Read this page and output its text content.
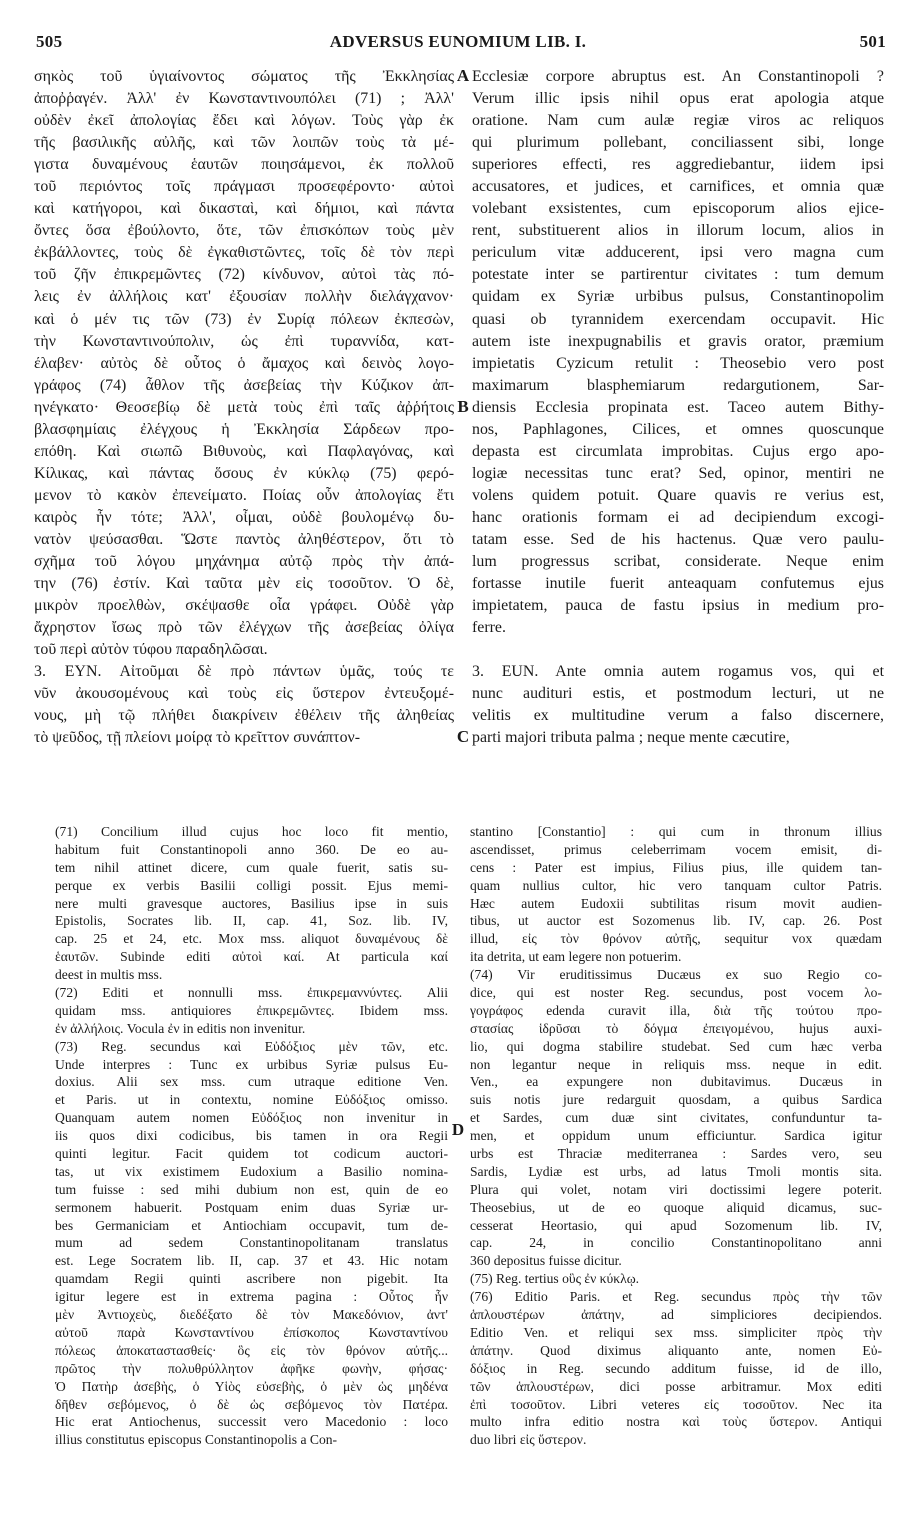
505	ADVERSUS EUNOMIUM LIB. I.	501
A
B
C
D
σηκὸς τοῦ ὑγιαίνοντος σώματος τῆς Ἐκκλησίας
ἀποῤῥαγέν. Ἀλλ' ἐν Κωνσταντινουπόλει (71) ; Ἀλλ'
οὐδὲν ἐκεῖ ἀπολογίας ἔδει καὶ λόγων. Τοὺς γὰρ ἐκ
τῆς βασιλικῆς αὐλῆς, καὶ τῶν λοιπῶν τοὺς τὰ μέ-
γιστα δυναμένους ἑαυτῶν ποιησάμενοι, ἐκ πολλοῦ
τοῦ περιόντος τοῖς πράγμασι προσεφέροντο· αὐτοὶ
καὶ κατήγοροι, καὶ δικασταὶ, καὶ δήμιοι, καὶ πάντα
ὄντες ὅσα ἐβούλοντο, ὅτε, τῶν ἐπισκόπων τοὺς μὲν
ἐκβάλλοντες, τοὺς δὲ ἐγκαθιστῶντες, τοῖς δὲ τὸν περὶ
τοῦ ζῆν ἐπικρεμῶντες (72) κίνδυνον, αὐτοὶ τὰς πό-
λεις ἐν ἀλλήλοις κατ' ἐξουσίαν πολλὴν διελάγχανον·
καὶ ὁ μέν τις τῶν (73) ἐν Συρίᾳ πόλεων ἐκπεσὼν,
τὴν Κωνσταντινούπολιν, ὡς ἐπὶ τυραννίδα, κατ-
έλαβεν· αὐτὸς δὲ οὗτος ὁ ἄμαχος καὶ δεινὸς λογο-
γράφος (74) ἆθλον τῆς ἀσεβείας τὴν Κύζικον ἀπ-
ηνέγκατο· Θεοσεβίῳ δὲ μετὰ τοὺς ἐπὶ ταῖς ἀῤῥήτοις
βλασφημίαις ἐλέγχους ἡ Ἐκκλησία Σάρδεων προ-
επόθη. Καὶ σιωπῶ Βιθυνοὺς, καὶ Παφλαγόνας, καὶ
Κίλικας, καὶ πάντας ὅσους ἐν κύκλῳ (75) φερό-
μενον τὸ κακὸν ἐπενείματο. Ποίας οὖν ἀπολογίας ἔτι
καιρὸς ἦν τότε; Ἀλλ', οἶμαι, οὐδὲ βουλομένῳ δυ-
νατὸν ψεύσασθαι. Ὥστε παντὸς ἀληθέστερον, ὅτι τὸ
σχῆμα τοῦ λόγου μηχάνημα αὐτῷ πρὸς τὴν ἀπά-
την (76) ἐστίν. Καὶ ταῦτα μὲν εἰς τοσοῦτον. Ὁ δὲ,
μικρὸν προελθὼν, σκέψασθε οἷα γράφει. Οὐδὲ γὰρ
ἄχρηστον ἴσως πρὸ τῶν ἐλέγχων τῆς ἀσεβείας ὀλίγα
τοῦ περὶ αὐτὸν τύφου παραδηλῶσαι.
3. ΕΥΝ. Αἰτοῦμαι δὲ πρὸ πάντων ὑμᾶς, τούς τε
νῦν ἀκουσομένους καὶ τοὺς εἰς ὕστερον ἐντευξομέ-
νους, μὴ τῷ πλήθει διακρίνειν ἐθέλειν τῆς ἀληθείας
τὸ ψεῦδος, τῇ πλείονι μοίρᾳ τὸ κρεῖττον συνάπτον-
Ecclesiæ corpore abruptus est. An Constantinopoli ?
Verum illic ipsis nihil opus erat apologia atque
oratione. Nam cum aulæ regiæ viros ac reliquos
qui plurimum pollebant, conciliassent sibi, longe
superiores effecti, res aggrediebantur, iidem ipsi
accusatores, et judices, et carnifices, et omnia quæ
volebant exsistentes, cum episcoporum alios ejice-
rent, substituerent alios in illorum locum, alios in
periculum vitæ adducerent, ipsi vero magna cum
potestate inter se partirentur civitates : tum demum
quidam ex Syriæ urbibus pulsus, Constantinopolim
quasi ob tyrannidem exercendam occupavit. Hic
autem iste inexpugnabilis et gravis orator, præmium
impietatis Cyzicum retulit : Theosebio vero post
maximarum blasphemiarum redargutionem, Sar-
diensis Ecclesia propinata est. Taceo autem Bithy-
nos, Paphlagones, Cilices, et omnes quoscunque
depasta est circumlata improbitas. Cujus ergo apo-
logiæ necessitas tunc erat? Sed, opinor, mentiri ne
volens quidem potuit. Quare quavis re verius est,
hanc orationis formam ei ad decipiendum excogi-
tatam esse. Sed de his hactenus. Quæ vero paulu-
lum progressus scribat, considerate. Neque enim
fortasse inutile fuerit anteaquam confutemus ejus
impietatem, pauca de fastu ipsius in medium pro-
ferre.
3. EUN. Ante omnia autem rogamus vos, qui et
nunc audituri estis, et postmodum lecturi, ut ne
velitis ex multitudine verum a falso discernere,
parti majori tributa palma ; neque mente cæcutire,
(71) Concilium illud cujus hoc loco fit mentio,
habitum fuit Constantinopoli anno 360. De eo au-
tem nihil attinet dicere, cum quale fuerit, satis su-
perque ex verbis Basilii colligi possit. Ejus memi-
nere multi gravesque auctores, Basilius ipse in suis
Epistolis, Socrates lib. II, cap. 41, Soz. lib. IV,
cap. 25 et 24, etc. Mox mss. aliquot δυναμένους δὲ
ἑαυτῶν. Subinde editi αὐτοὶ καί. At particula καί
deest in multis mss.
(72) Editi et nonnulli mss. ἐπικρεμαννύντες. Alii
quidam mss. antiquiores ἐπικρεμῶντες. Ibidem mss.
ἐν ἀλλήλοις. Vocula ἐν in editis non invenitur.
(73) Reg. secundus καὶ Εὐδόξιος μὲν τῶν, etc.
Unde interpres : Tunc ex urbibus Syriæ pulsus Eu-
doxius. Alii sex mss. cum utraque editione Ven.
et Paris. ut in contextu, nomine Εὐδόξιος omisso.
Quanquam autem nomen Εὐδόξιος non invenitur in
iis quos dixi codicibus, bis tamen in ora Regii
quinti legitur. Facit quidem tot codicum auctori-
tas, ut vix existimem Eudoxium a Basilio nomina-
tum fuisse : sed mihi dubium non est, quin de eo
sermonem habuerit. Postquam enim duas Syriæ ur-
bes Germaniciam et Antiochiam occupavit, tum de-
mum ad sedem Constantinopolitanam translatus
est. Lege Socratem lib. II, cap. 37 et 43. Hic notam
quamdam Regii quinti ascribere non pigebit. Ita
igitur legere est in extrema pagina : Οὗτος ἦν
μὲν Ἀντιοχεὺς, διεδέξατο δὲ τὸν Μακεδόνιον, ἀντ'
αὐτοῦ παρὰ Κωνσταντίνου ἐπίσκοπος Κωνσταντίνου
πόλεως ἀποκαταστασθείς· ὃς εἰς τὸν θρόνον αὐτῆς...
πρῶτος τὴν πολυθρύλλητον ἀφῆκε φωνὴν, φήσας·
Ὁ Πατὴρ ἀσεβὴς, ὁ Υἱὸς εὐσεβὴς, ὁ μὲν ὡς μηδένα
δῆθεν σεβόμενος, ὁ δὲ ὡς σεβόμενος τὸν Πατέρα.
Hic erat Antiochenus, successit vero Macedonio : loco
illius constitutus episcopus Constantinopolis a Con-
stantino [Constantio] : qui cum in thronum illius
ascendisset, primus celeberrimam vocem emisit, di-
cens : Pater est impius, Filius pius, ille quidem tan-
quam nullius cultor, hic vero tanquam cultor Patris.
Hæc autem Eudoxii subtilitas risum movit audien-
tibus, ut auctor est Sozomenus lib. IV, cap. 26. Post
illud, εἰς τὸν θρόνον αὐτῆς, sequitur vox quædam
ita detrita, ut eam legere non potuerim.
(74) Vir eruditissimus Ducæus ex suo Regio co-
dice, qui est noster Reg. secundus, post vocem λο-
γογράφος edenda curavit illa, διὰ τῆς τούτου προ-
στασίας ἱδρῦσαι τὸ δόγμα ἐπειγομένου, hujus auxi-
lio, qui dogma stabilire studebat. Sed cum hæc verba
non legantur neque in reliquis mss. neque in edit.
Ven., ea expungere non dubitavimus. Ducæus in
suis notis jure redarguit quosdam, a quibus Sardica
et Sardes, cum duæ sint civitates, confunduntur ta-
men, et oppidum unum efficiuntur. Sardica igitur
urbs est Thraciæ mediterranea : Sardes vero, seu
Sardis, Lydiæ est urbs, ad latus Tmoli montis sita.
Plura qui volet, notam viri doctissimi legere poterit.
Theosebius, ut de eo quoque aliquid dicamus, suc-
cesserat Heortasio, qui apud Sozomenum lib. IV,
cap. 24, in concilio Constantinopolitano anni
360 depositus fuisse dicitur.
(75) Reg. tertius οὓς ἐν κύκλῳ.
(76) Editio Paris. et Reg. secundus πρὸς τὴν τῶν
ἁπλουστέρων ἀπάτην, ad simpliciores decipiendos.
Editio Ven. et reliqui sex mss. simpliciter πρὸς τὴν
ἀπάτην. Quod diximus aliquanto ante, nomen Εὐ-
δόξιος in Reg. secundo additum fuisse, id de illo,
τῶν ἁπλουστέρων, dici posse arbitramur. Mox editi
ἐπὶ τοσοῦτον. Libri veteres εἰς τοσοῦτον. Nec ita
multo infra editio nostra καὶ τοὺς ὕστερον. Antiqui
duo libri εἰς ὕστερον.
